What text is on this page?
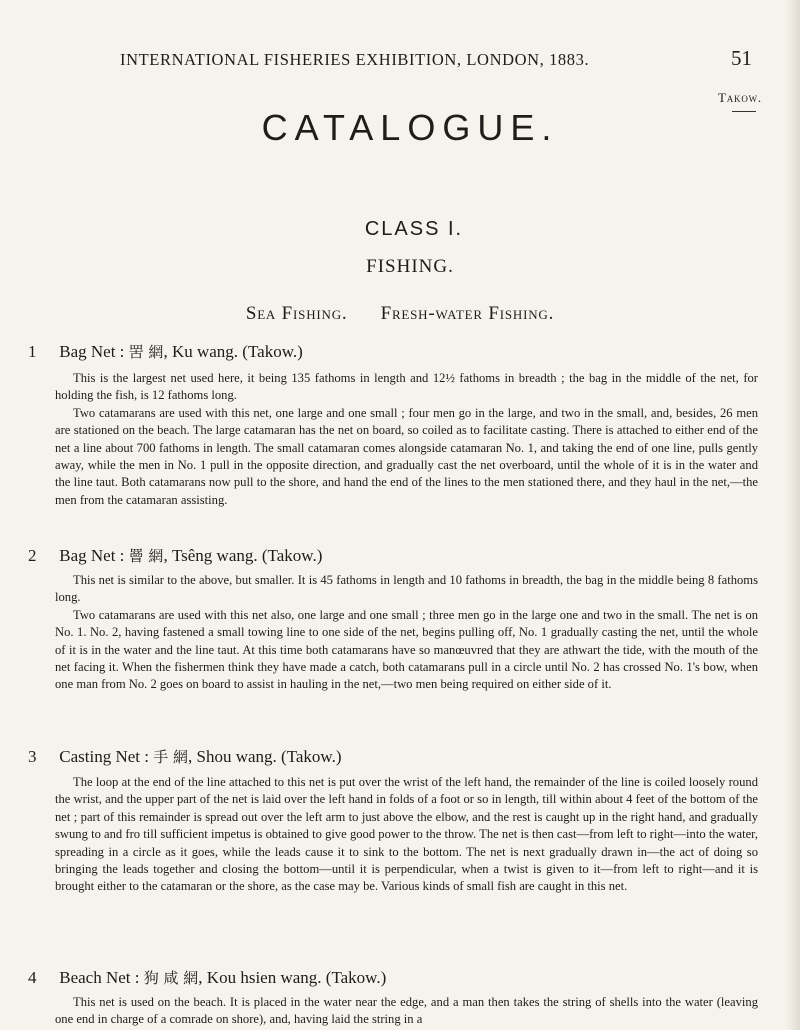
INTERNATIONAL FISHERIES EXHIBITION, LONDON, 1883.	51
Takow.
CATALOGUE.
CLASS I.
FISHING.
Sea Fishing. Fresh-water Fishing.
1 Bag Net : 罟 網, Ku wang. (Takow.)

This is the largest net used here, it being 135 fathoms in length and 12½ fathoms in breadth ; the bag in the middle of the net, for holding the fish, is 12 fathoms long.

Two catamarans are used with this net, one large and one small ; four men go in the large, and two in the small, and, besides, 26 men are stationed on the beach. The large catamaran has the net on board, so coiled as to facilitate casting. There is attached to either end of the net a line about 700 fathoms in length. The small catamaran comes alongside catamaran No. 1, and taking the end of one line, pulls gently away, while the men in No. 1 pull in the opposite direction, and gradually cast the net overboard, until the whole of it is in the water and the line taut. Both catamarans now pull to the shore, and hand the end of the lines to the men stationed there, and they haul in the net,—the men from the catamaran assisting.

2 Bag Net : 罾 網, Tsêng wang. (Takow.)

This net is similar to the above, but smaller. It is 45 fathoms in length and 10 fathoms in breadth, the bag in the middle being 8 fathoms long.

Two catamarans are used with this net also, one large and one small ; three men go in the large one and two in the small. The net is on No. 1. No. 2, having fastened a small towing line to one side of the net, begins pulling off, No. 1 gradually casting the net, until the whole of it is in the water and the line taut. At this time both catamarans have so manœuvred that they are athwart the tide, with the mouth of the net facing it. When the fishermen think they have made a catch, both catamarans pull in a circle until No. 2 has crossed No. 1's bow, when one man from No. 2 goes on board to assist in hauling in the net,—two men being required on either side of it.

3 Casting Net : 手 網, Shou wang. (Takow.)

The loop at the end of the line attached to this net is put over the wrist of the left hand, the remainder of the line is coiled loosely round the wrist, and the upper part of the net is laid over the left hand in folds of a foot or so in length, till within about 4 feet of the bottom of the net ; part of this remainder is spread out over the left arm to just above the elbow, and the rest is caught up in the right hand, and gradually swung to and fro till sufficient impetus is obtained to give good power to the throw. The net is then cast—from left to right—into the water, spreading in a circle as it goes, while the leads cause it to sink to the bottom. The net is next gradually drawn in—the act of doing so bringing the leads together and closing the bottom—until it is perpendicular, when a twist is given to it—from left to right—and it is brought either to the catamaran or the shore, as the case may be. Various kinds of small fish are caught in this net.

4 Beach Net : 狗 咸 網, Kou hsien wang. (Takow.)

This net is used on the beach. It is placed in the water near the edge, and a man then takes the string of shells into the water (leaving one end in charge of a comrade on shore), and, having laid the string in a
